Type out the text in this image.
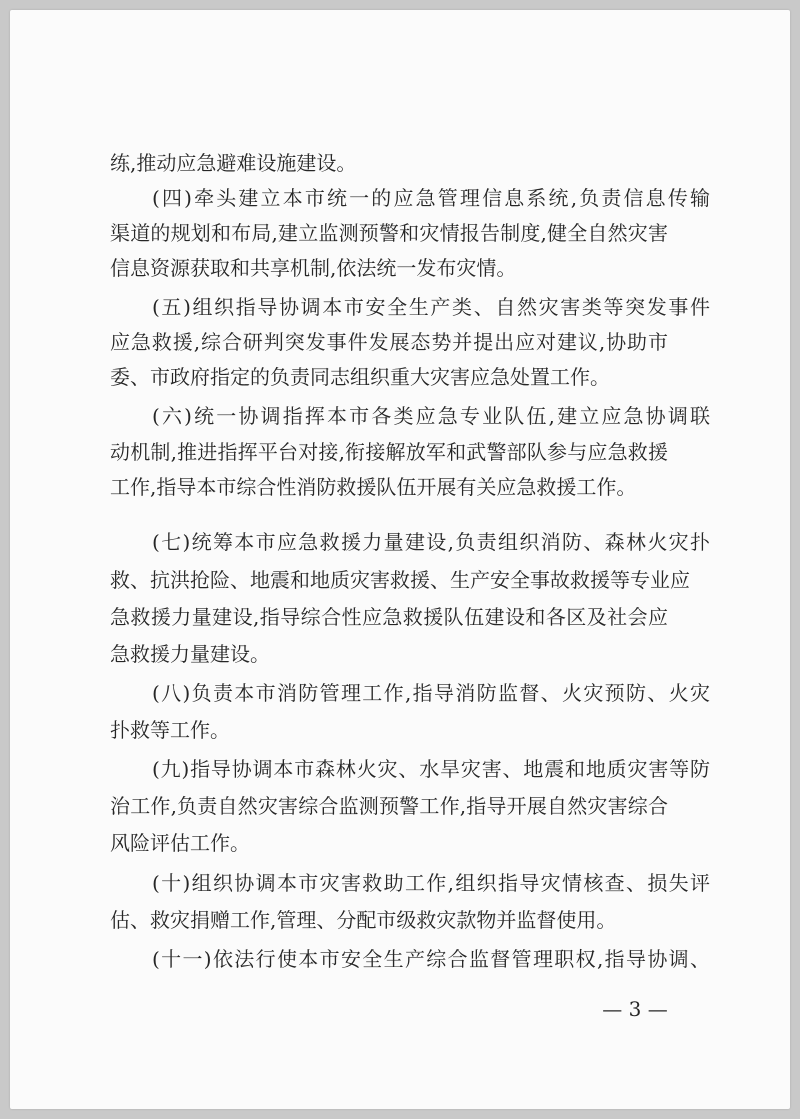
练,推动应急避难设施建设。
(四)牵头建立本市统一的应急管理信息系统,负责信息传输
渠道的规划和布局,建立监测预警和灾情报告制度,健全自然灾害
信息资源获取和共享机制,依法统一发布灾情。
(五)组织指导协调本市安全生产类、自然灾害类等突发事件
应急救援,综合研判突发事件发展态势并提出应对建议,协助市
委、市政府指定的负责同志组织重大灾害应急处置工作。
(六)统一协调指挥本市各类应急专业队伍,建立应急协调联
动机制,推进指挥平台对接,衔接解放军和武警部队参与应急救援
工作,指导本市综合性消防救援队伍开展有关应急救援工作。
(七)统筹本市应急救援力量建设,负责组织消防、森林火灾扑
救、抗洪抢险、地震和地质灾害救援、生产安全事故救援等专业应
急救援力量建设,指导综合性应急救援队伍建设和各区及社会应
急救援力量建设。
(八)负责本市消防管理工作,指导消防监督、火灾预防、火灾
扑救等工作。
(九)指导协调本市森林火灾、水旱灾害、地震和地质灾害等防
治工作,负责自然灾害综合监测预警工作,指导开展自然灾害综合
风险评估工作。
(十)组织协调本市灾害救助工作,组织指导灾情核查、损失评
估、救灾捐赠工作,管理、分配市级救灾款物并监督使用。
(十一)依法行使本市安全生产综合监督管理职权,指导协调、
— 3 —
